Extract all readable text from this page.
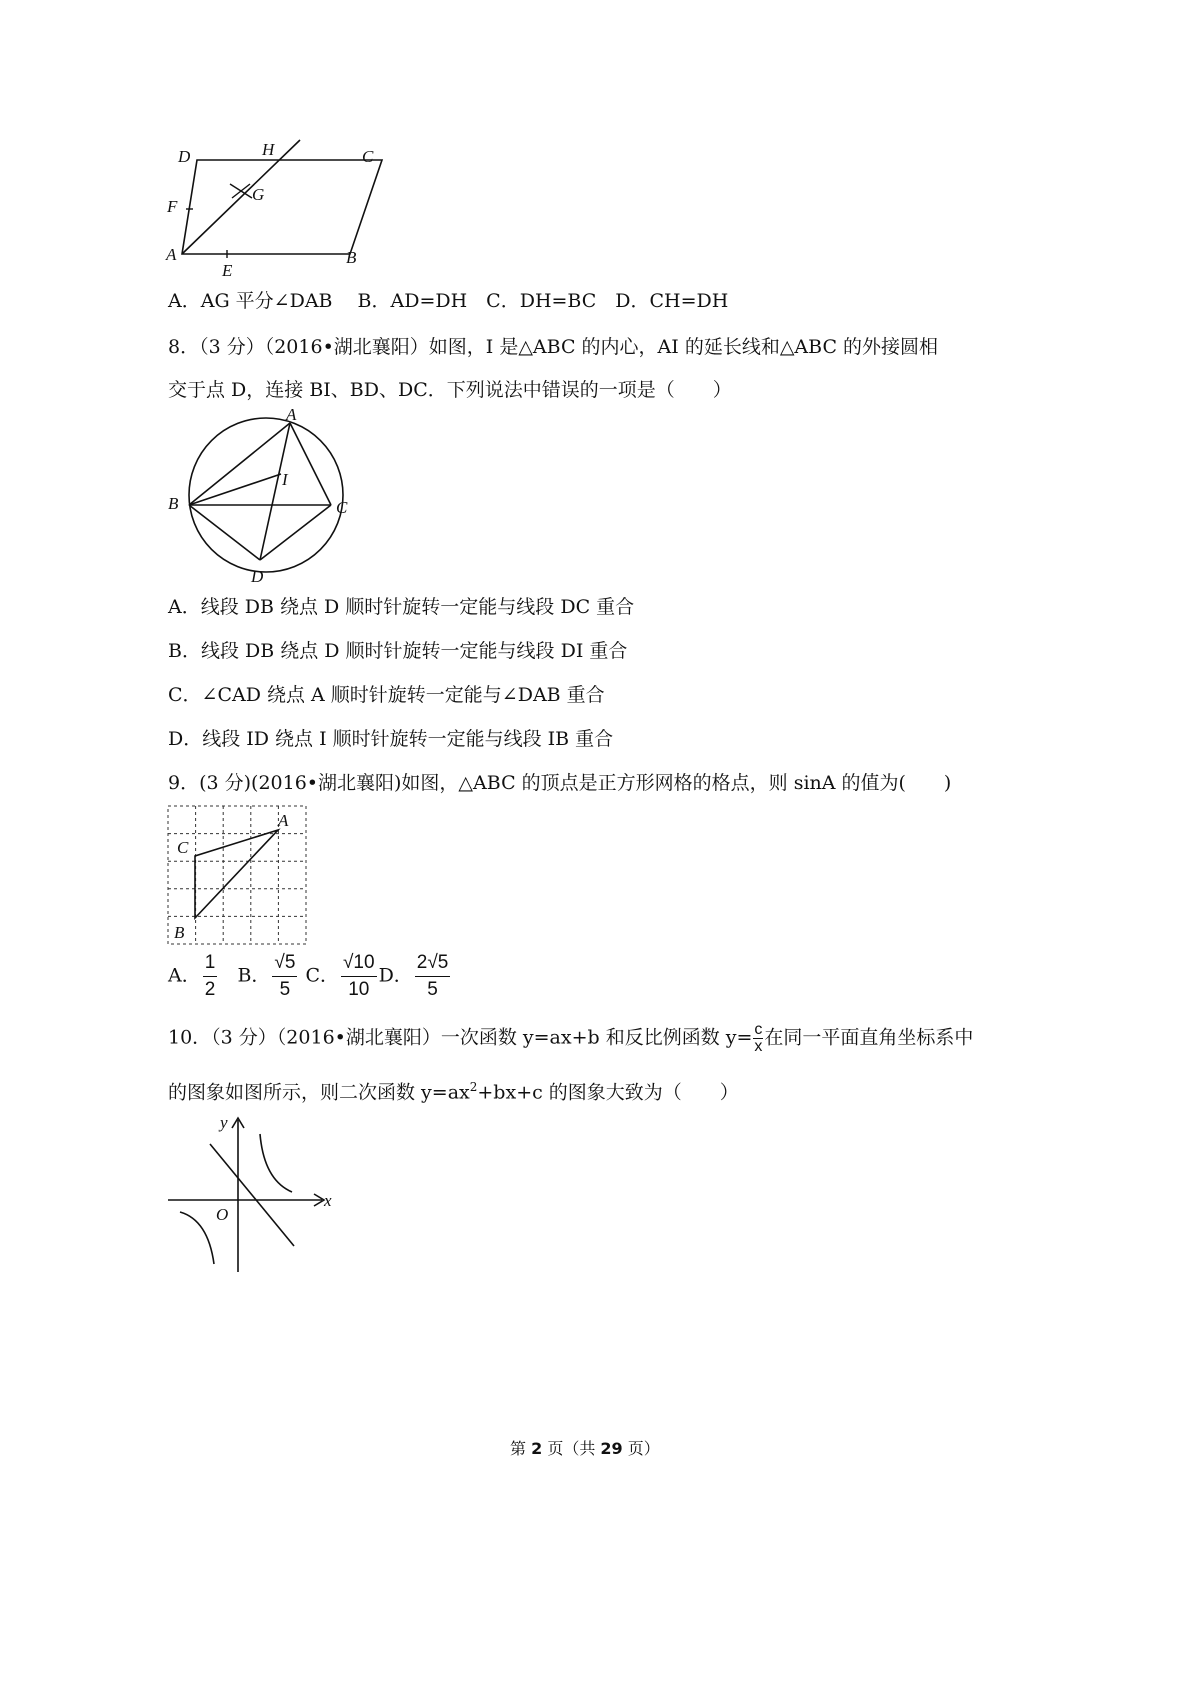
D	H	C
G
F
A
E
B
A．AG 平分∠DAB　 B．AD=DH　C．DH=BC　D．CH=DH
8．（3 分）（2016•湖北襄阳）如图，I 是△ABC 的内心，AI 的延长线和△ABC 的外接圆相
交于点 D，连接 BI、BD、DC．下列说法中错误的一项是（　　）
A
B	C
I
D
A．线段 DB 绕点 D 顺时针旋转一定能与线段 DC 重合
B．线段 DB 绕点 D 顺时针旋转一定能与线段 DI 重合
C．∠CAD 绕点 A 顺时针旋转一定能与∠DAB 重合
D．线段 ID 绕点 I 顺时针旋转一定能与线段 IB 重合
9．(3 分)(2016•湖北襄阳)如图，△ABC 的顶点是正方形网格的格点，则 sinA 的值为(　　)
A
C
B
A． $\frac{1}{2}$ B． $\frac{√5}{5}$ C． $\frac{√10}{10}$ D． $\frac{2√5}{5}$
10．（3 分）（2016•湖北襄阳）一次函数 y=ax+b 和反比例函数 $y= \frac{c}{x}$ 在同一平面直角坐标系中
的图象如图所示，则二次函数 $y=ax^2+bx+c$ 的图象大致为（　　）
y
x
O
第 2 页（共 29 页）
